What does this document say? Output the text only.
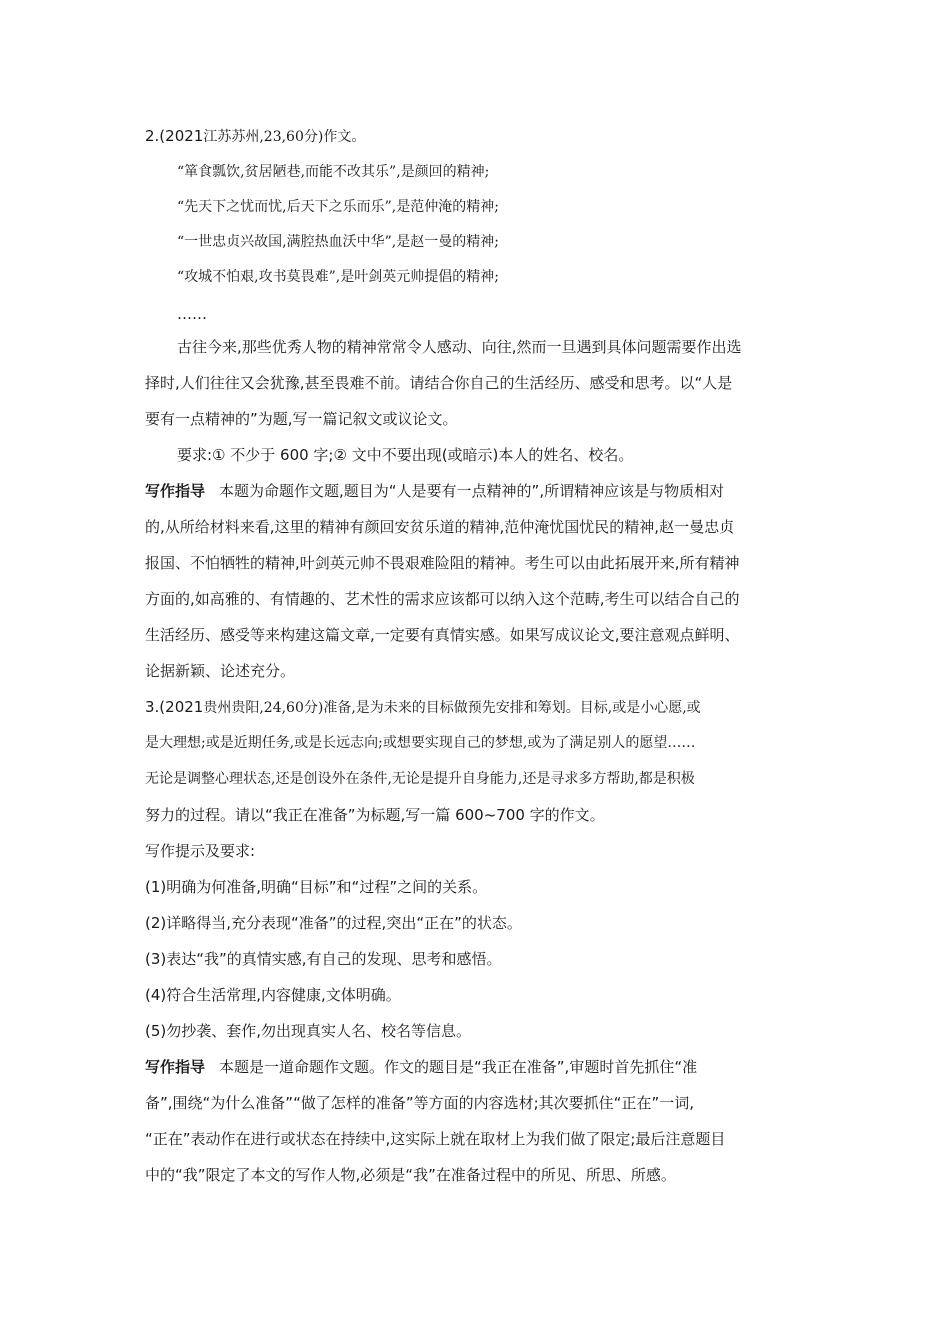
2.(2021江苏苏州,23,60分)作文。
“箪食瓢饮,贫居陋巷,而能不改其乐”,是颜回的精神;
“先天下之忧而忧,后天下之乐而乐”,是范仲淹的精神;
“一世忠贞兴故国,满腔热血沃中华”,是赵一曼的精神;
“攻城不怕艰,攻书莫畏难”,是叶剑英元帅提倡的精神;
……
古往今来,那些优秀人物的精神常常令人感动、向往,然而一旦遇到具体问题需要作出选
择时,人们往往又会犹豫,甚至畏难不前。请结合你自己的生活经历、感受和思考。以“人是
要有一点精神的”为题,写一篇记叙文或议论文。
要求:① 不少于 600 字;② 文中不要出现(或暗示)本人的姓名、校名。
写作指导 本题为命题作文题,题目为“人是要有一点精神的”,所谓精神应该是与物质相对
的,从所给材料来看,这里的精神有颜回安贫乐道的精神,范仲淹忧国忧民的精神,赵一曼忠贞
报国、不怕牺牲的精神,叶剑英元帅不畏艰难险阻的精神。考生可以由此拓展开来,所有精神
方面的,如高雅的、有情趣的、艺术性的需求应该都可以纳入这个范畴,考生可以结合自己的
生活经历、感受等来构建这篇文章,一定要有真情实感。如果写成议论文,要注意观点鲜明、
论据新颖、论述充分。
3.(2021贵州贵阳,24,60分)准备,是为未来的目标做预先安排和筹划。目标,或是小心愿,或
是大理想;或是近期任务,或是长远志向;或想要实现自己的梦想,或为了满足别人的愿望……
无论是调整心理状态,还是创设外在条件,无论是提升自身能力,还是寻求多方帮助,都是积极
努力的过程。请以“我正在准备”为标题,写一篇 600~700 字的作文。
写作提示及要求:
(1)明确为何准备,明确“目标”和“过程”之间的关系。
(2)详略得当,充分表现“准备”的过程,突出“正在”的状态。
(3)表达“我”的真情实感,有自己的发现、思考和感悟。
(4)符合生活常理,内容健康,文体明确。
(5)勿抄袭、套作,勿出现真实人名、校名等信息。
写作指导 本题是一道命题作文题。作文的题目是“我正在准备”,审题时首先抓住“准
备”,围绕“为什么准备”“做了怎样的准备”等方面的内容选材;其次要抓住“正在”一词,
“正在”表动作在进行或状态在持续中,这实际上就在取材上为我们做了限定;最后注意题目
中的“我”限定了本文的写作人物,必须是“我”在准备过程中的所见、所思、所感。
